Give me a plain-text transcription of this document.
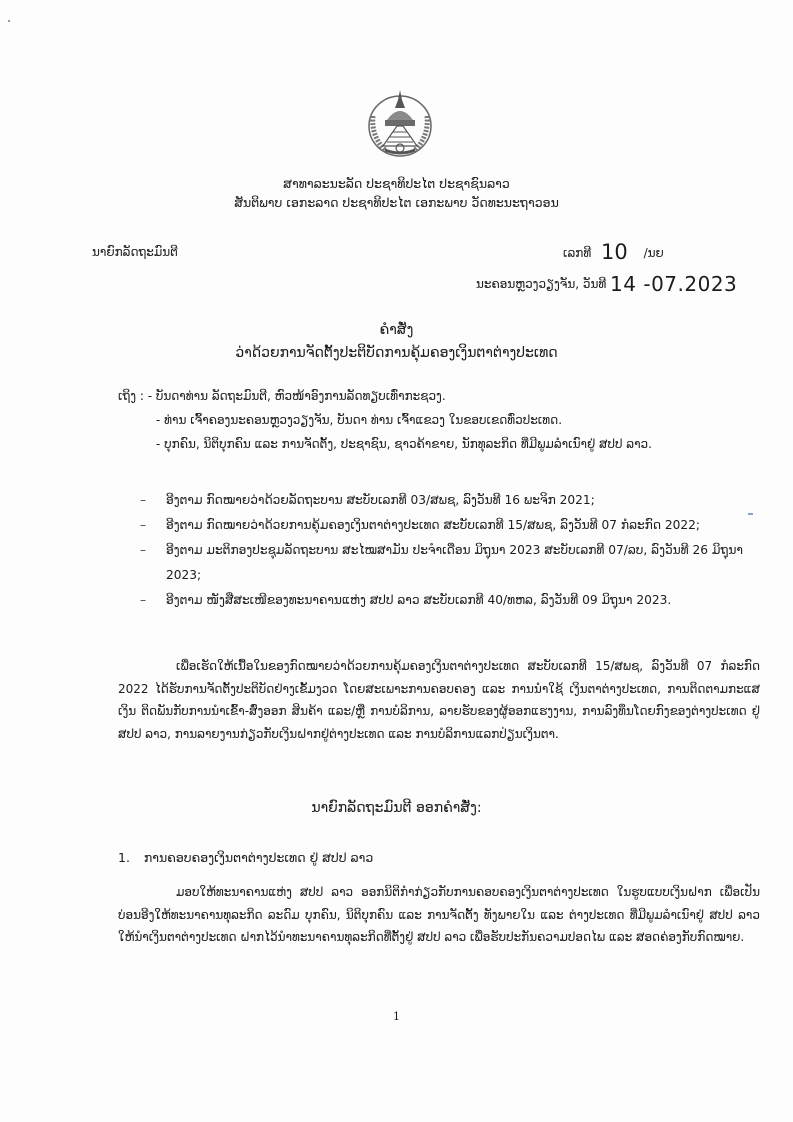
ສາທາລະນະລັດ ປະຊາທິປະໄຕ ປະຊາຊົນລາວ
ສັນຕິພາບ ເອກະລາດ ປະຊາທິປະໄຕ ເອກະພາບ ວັດທະນະຖາວອນ
ນາຍົກລັດຖະມົນຕີ	ເລກທີ 10 /ນຍ
ນະຄອນຫຼວງວຽງຈັນ, ວັນທີ 14 -07.2023
ຄຳສັ່ງ
ວ່າດ້ວຍການຈັດຕັ້ງປະຕິບັດການຄຸ້ມຄອງເງິນຕາຕ່າງປະເທດ
ເຖິງ : - ບັນດາທ່ານ ລັດຖະມົນຕີ, ຫົວໜ້າອົງການລັດທຽບເທົ່າກະຊວງ.
- ທ່ານ ເຈົ້າຄອງນະຄອນຫຼວງວຽງຈັນ, ບັນດາ ທ່ານ ເຈົ້າແຂວງ ໃນຂອບເຂດທົ່ວປະເທດ.
- ບຸກຄົນ, ນິຕິບຸກຄົນ ແລະ ການຈັດຕັ້ງ, ປະຊາຊົນ, ຊາວຄ້າຂາຍ, ນັກທຸລະກິດ ທີ່ມີພູມລຳເນົາຢູ່ ສປປ ລາວ.
–	ອີງຕາມ ກົດໝາຍວ່າດ້ວຍລັດຖະບານ ສະບັບເລກທີ 03/ສພຊ, ລົງວັນທີ 16 ພະຈິກ 2021;
–	ອີງຕາມ ກົດໝາຍວ່າດ້ວຍການຄຸ້ມຄອງເງິນຕາຕ່າງປະເທດ ສະບັບເລກທີ 15/ສພຊ, ລົງວັນທີ 07 ກໍລະກົດ 2022;
–	ອີງຕາມ ມະຕິກອງປະຊຸມລັດຖະບານ ສະໄໝສາມັນ ປະຈຳເດືອນ ມິຖຸນາ 2023 ສະບັບເລກທີ 07/ລບ, ລົງວັນທີ 26 ມິຖຸນາ 2023;
–	ອີງຕາມ ໜັງສືສະເໜີຂອງທະນາຄານແຫ່ງ ສປປ ລາວ ສະບັບເລກທີ 40/ທຫລ, ລົງວັນທີ 09 ມິຖຸນາ 2023.
ເພື່ອເຮັດໃຫ້ເນື້ອໃນຂອງກົດໝາຍວ່າດ້ວຍການຄຸ້ມຄອງເງິນຕາຕ່າງປະເທດ ສະບັບເລກທີ 15/ສພຊ, ລົງວັນທີ 07 ກໍລະກົດ 2022 ໄດ້ຮັບການຈັດຕັ້ງປະຕິບັດຢ່າງເຂັ້ມງວດ ໂດຍສະເພາະການຄອບຄອງ ແລະ ການນຳໃຊ້ ເງິນຕາຕ່າງປະເທດ, ການຕິດຕາມກະແສເງິນ ຕິດພັນກັບການນຳເຂົ້າ-ສົ່ງອອກ ສິນຄ້າ ແລະ/ຫຼື ການບໍລິການ, ລາຍຮັບຂອງຜູ້ອອກແຮງງານ, ການລົງທຶນໂດຍກົງຂອງຕ່າງປະເທດ ຢູ່ ສປປ ລາວ, ການລາຍງານກ່ຽວກັບເງິນຝາກຢູ່ຕ່າງປະເທດ ແລະ ການບໍລິການແລກປ່ຽນເງິນຕາ.
ນາຍົກລັດຖະມົນຕີ ອອກຄຳສັ່ງ:
1. ການຄອບຄອງເງິນຕາຕ່າງປະເທດ ຢູ່ ສປປ ລາວ
ມອບໃຫ້ທະນາຄານແຫ່ງ ສປປ ລາວ ອອກນິຕິກຳກ່ຽວກັບການຄອບຄອງເງິນຕາຕ່າງປະເທດ ໃນຮູບແບບເງິນຝາກ ເພື່ອເປັນບ່ອນອີງໃຫ້ທະນາຄານທຸລະກິດ ລະດົມ ບຸກຄົນ, ນິຕິບຸກຄົນ ແລະ ການຈັດຕັ້ງ ທັງພາຍໃນ ແລະ ຕ່າງປະເທດ ທີ່ມີພູມລຳເນົາຢູ່ ສປປ ລາວ ໃຫ້ນຳເງິນຕາຕ່າງປະເທດ ຝາກໄວ້ນຳທະນາຄານທຸລະກິດທີ່ຕັ້ງຢູ່ ສປປ ລາວ ເພື່ອຮັບປະກັນຄວາມປອດໄພ ແລະ ສອດຄ່ອງກັບກົດໝາຍ.
1
